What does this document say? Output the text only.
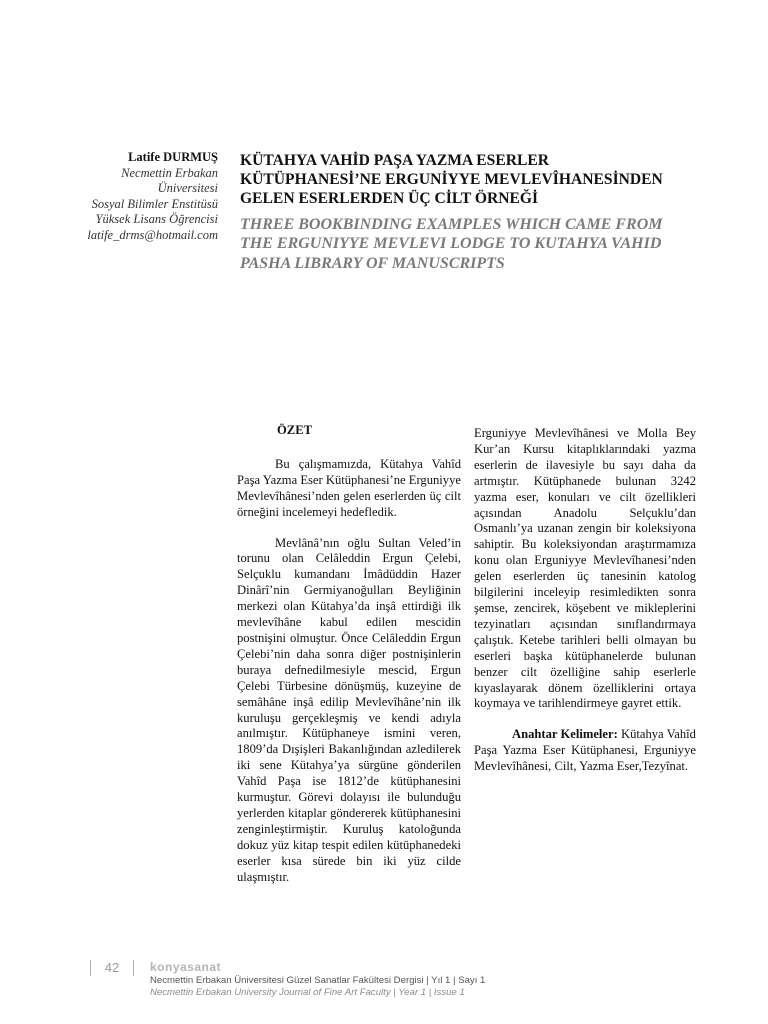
Latife DURMUŞ
Necmettin Erbakan
Üniversitesi
Sosyal Bilimler Enstitüsü
Yüksek Lisans Öğrencisi
latife_drms@hotmail.com
KÜTAHYA VAHİD PAŞA YAZMA ESERLER KÜTÜPHANESİ’NE ERGUNİYYE MEVLEVÎHANESİNDEN GELEN ESERLERDEN ÜÇ CİLT ÖRNEĞİ
THREE BOOKBINDING EXAMPLES WHICH CAME FROM THE ERGUNIYYE MEVLEVI LODGE TO KUTAHYA VAHID PASHA LIBRARY OF MANUSCRIPTS
ÖZET

Bu çalışmamızda, Kütahya Vahîd Paşa Yazma Eser Kütüphanesi’ne Erguniyye Mevlevîhânesi’nden gelen eserlerden üç cilt örneğini incelemeyi hedefledik.

Mevlânâ’nın oğlu Sultan Veled’in torunu olan Celâleddin Ergun Çelebi, Selçuklu kumandanı İmâdüddin Hazer Dinârî’nin Germiyanoğulları Beyliğinin merkezi olan Kütahya’da inşâ ettirdiği ilk mevlevîhâne kabul edilen mescidin postnişini olmuştur. Önce Celâleddin Ergun Çelebi’nin daha sonra diğer postnişinlerin buraya defnedilmesiyle mescid, Ergun Çelebi Türbesine dönüşmüş, kuzeyine de semâhâne inşâ edilip Mevlevîhâne’nin ilk kuruluşu gerçekleşmiş ve kendi adıyla anılmıştır. Kütüphaneye ismini veren, 1809’da Dışişleri Bakanlığından azledilerek iki sene Kütahya’ya sürgüne gönderilen Vahîd Paşa ise 1812’de kütüphanesini kurmuştur. Görevi dolayısı ile bulunduğu yerlerden kitaplar göndererek kütüphanesini zenginleştirmiştir. Kuruluş katoloğunda dokuz yüz kitap tespit edilen kütüphanedeki eserler kısa sürede bin iki yüz cilde ulaşmıştır.

Erguniyye Mevlevîhânesi ve Molla Bey Kur’an Kursu kitaplıklarındaki yazma eserlerin de ilavesiyle bu sayı daha da artmıştır. Kütüphanede bulunan 3242 yazma eser, konuları ve cilt özellikleri açısından Anadolu Selçuklu’dan Osmanlı’ya uzanan zengin bir koleksiyona sahiptir. Bu koleksiyondan araştırmamıza konu olan Erguniyye Mevlevîhanesi’nden gelen eserlerden üç tanesinin katolog bilgilerini inceleyip resimledikten sonra şemse, zencirek, köşebent ve mikleplerini tezyinatları açısından sınıflandırmaya çalıştık. Ketebe tarihleri belli olmayan bu eserleri başka kütüphanelerde bulunan benzer cilt özelliğine sahip eserlerle kıyaslayarak dönem özelliklerini ortaya koymaya ve tarihlendirmeye gayret ettik.

Anahtar Kelimeler: Kütahya Vahîd Paşa Yazma Eser Kütüphanesi, Erguniyye Mevlevîhânesi, Cilt, Yazma Eser,Tezyînat.

42	konyasanat
Necmettin Erbakan Üniversitesi Güzel Sanatlar Fakültesi Dergisi | Yıl 1 | Sayı 1
Necmettin Erbakan University Journal of Fine Art Faculty | Year 1 | Issue 1
